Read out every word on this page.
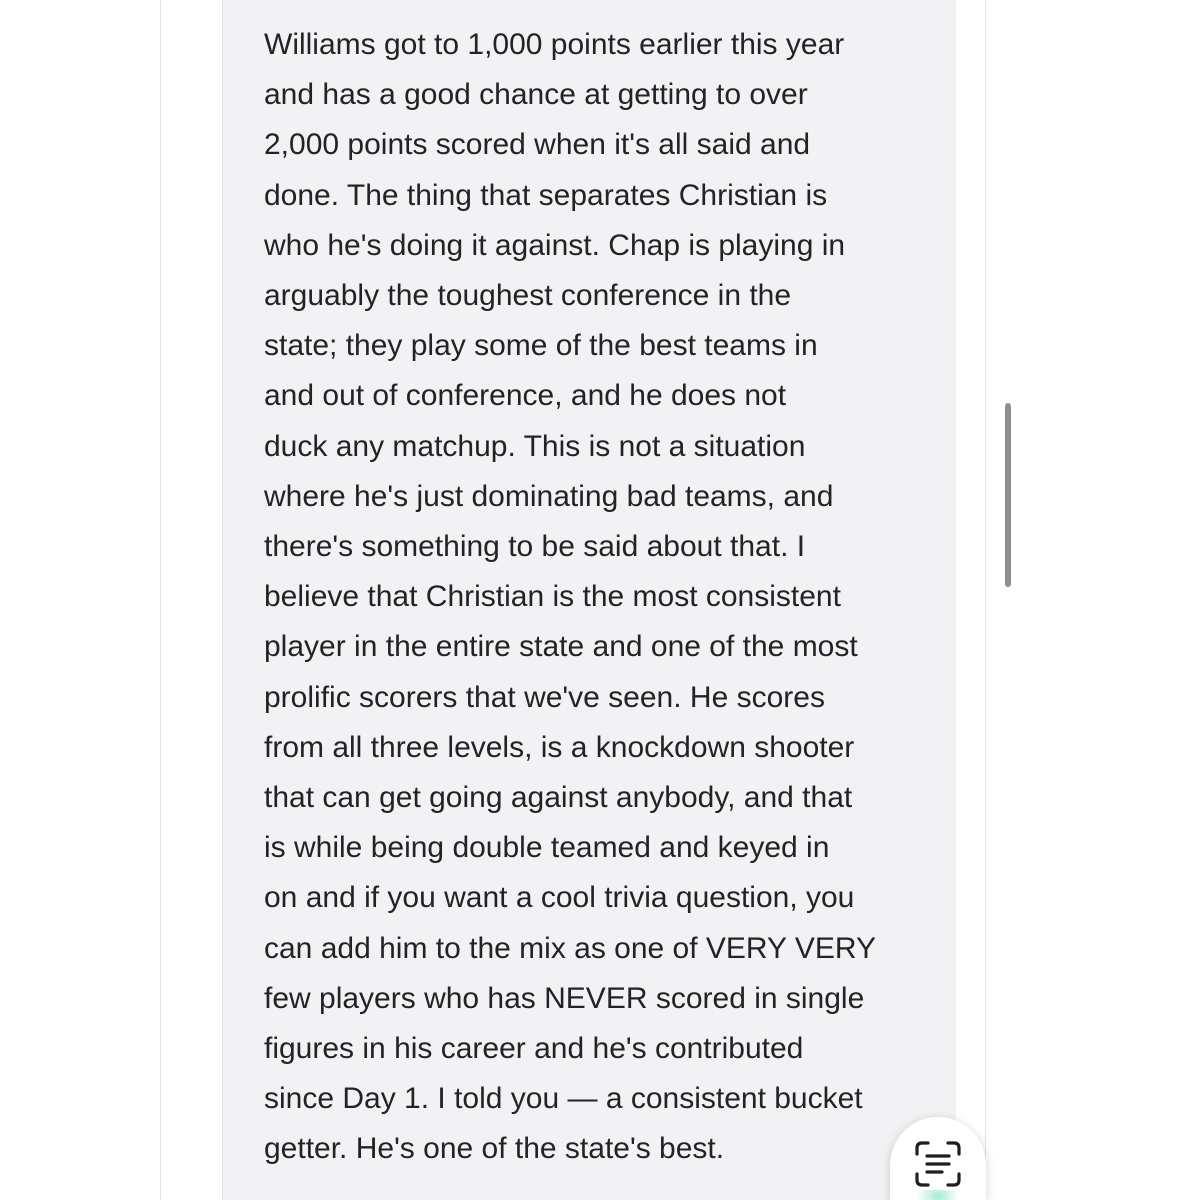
Williams got to 1,000 points earlier this year
and has a good chance at getting to over
2,000 points scored when it's all said and
done. The thing that separates Christian is
who he's doing it against. Chap is playing in
arguably the toughest conference in the
state; they play some of the best teams in
and out of conference, and he does not
duck any matchup. This is not a situation
where he's just dominating bad teams, and
there's something to be said about that. I
believe that Christian is the most consistent
player in the entire state and one of the most
prolific scorers that we've seen. He scores
from all three levels, is a knockdown shooter
that can get going against anybody, and that
is while being double teamed and keyed in
on and if you want a cool trivia question, you
can add him to the mix as one of VERY VERY
few players who has NEVER scored in single
figures in his career and he's contributed
since Day 1. I told you — a consistent bucket
getter. He's one of the state's best.
